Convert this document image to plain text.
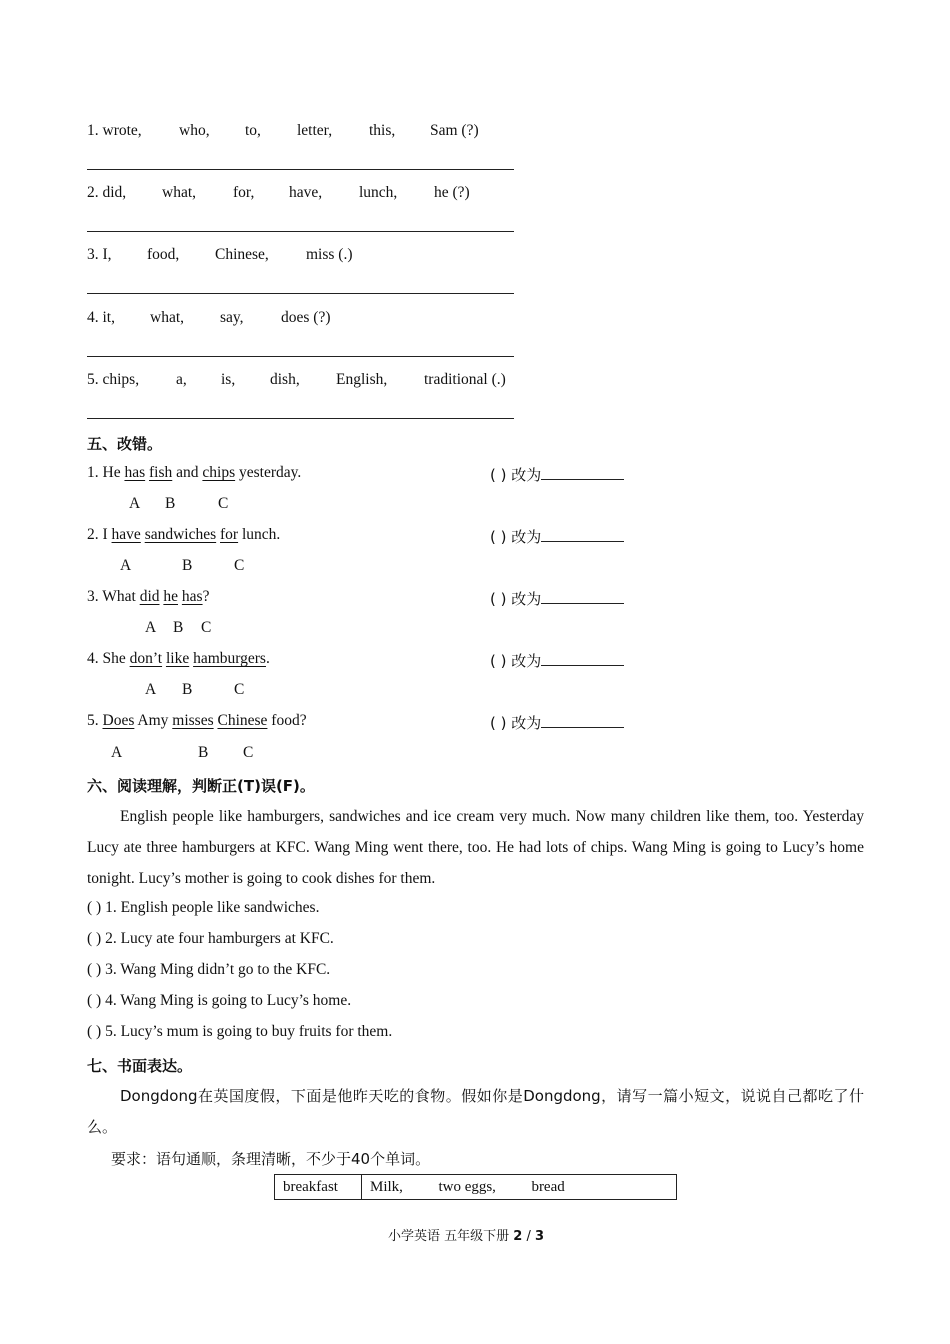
1. wrote, who, to, letter, this, Sam (?)
2. did, what, for, have, lunch, he (?)
3. I, food, Chinese, miss (.)
4. it, what, say, does (?)
5. chips, a, is, dish, English, traditional (.)
五、改错。
1. He has fish and chips yesterday.	( ) 改为
A B	C
2. I have sandwiches for lunch.	( ) 改为
A	B	C
3. What did he has?	( ) 改为
A B C
4. She don’t like hamburgers.	( ) 改为
A B	C
5. Does Amy misses Chinese food?	( ) 改为
A	B C
六、阅读理解，判断正(T)误(F)。
English people like hamburgers, sandwiches and ice cream very much. Now many children like them, too. Yesterday Lucy ate three hamburgers at KFC. Wang Ming went there, too. He had lots of chips. Wang Ming is going to Lucy’s home tonight. Lucy’s mother is going to cook dishes for them.
( ) 1. English people like sandwiches.
( ) 2. Lucy ate four hamburgers at KFC.
( ) 3. Wang Ming didn’t go to the KFC.
( ) 4. Wang Ming is going to Lucy’s home.
( ) 5. Lucy’s mum is going to buy fruits for them.
七、书面表达。
Dongdong在英国度假，下面是他昨天吃的食物。假如你是Dongdong，请写一篇小短文，说说自己都吃了什么。
要求：语句通顺，条理清晰，不少于40个单词。
breakfast	Milk, two eggs, bread
小学英语 五年级下册 2 / 3
